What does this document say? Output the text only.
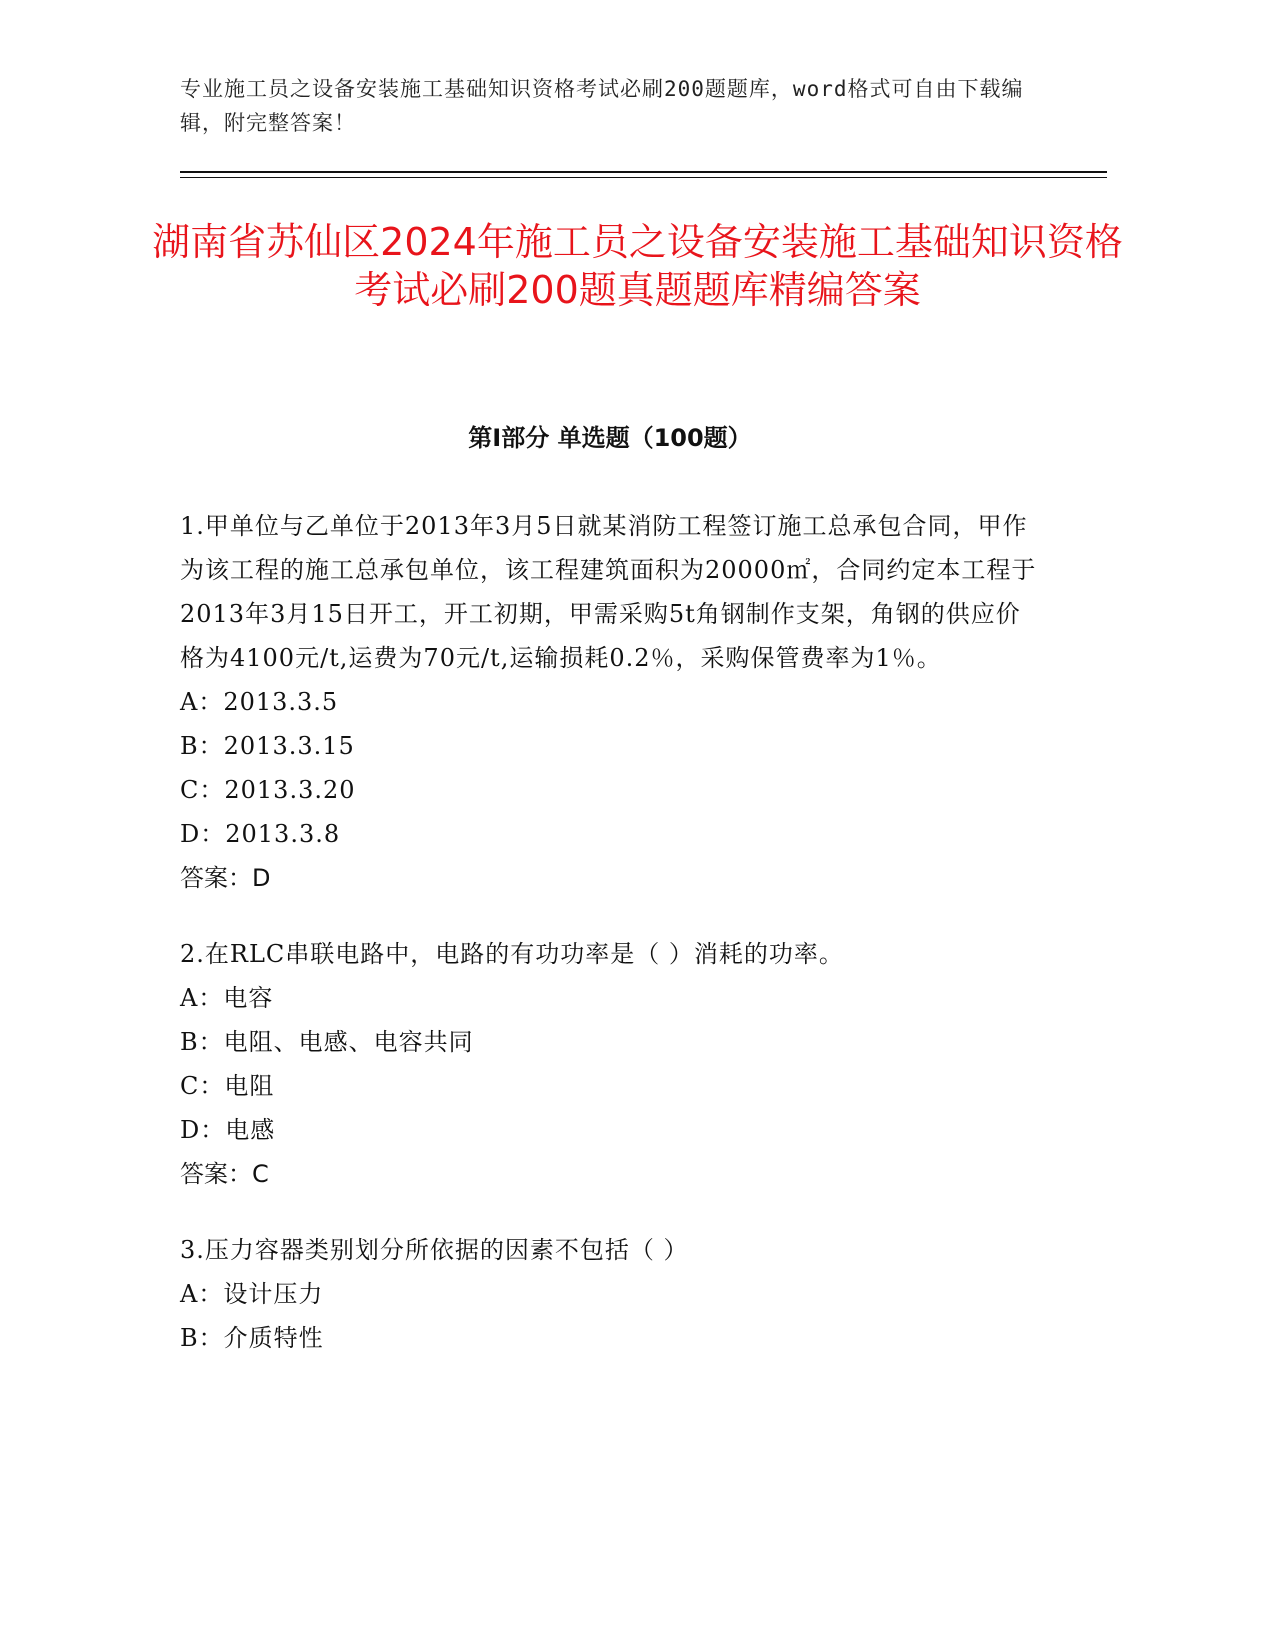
专业施工员之设备安装施工基础知识资格考试必刷200题题库，word格式可自由下载编辑，附完整答案！
湖南省苏仙区2024年施工员之设备安装施工基础知识资格考试必刷200题真题题库精编答案
第Ⅰ部分 单选题（100题）
1.甲单位与乙单位于2013年3月5日就某消防工程签订施工总承包合同，甲作为该工程的施工总承包单位，该工程建筑面积为20000㎡，合同约定本工程于2013年3月15日开工，开工初期，甲需采购5t角钢制作支架，角钢的供应价格为4100元/t,运费为70元/t,运输损耗0.2％，采购保管费率为1％。
A：2013.3.5
B：2013.3.15
C：2013.3.20
D：2013.3.8
答案：D
2.在RLC串联电路中，电路的有功功率是（ ）消耗的功率。
A：电容
B：电阻、电感、电容共同
C：电阻
D：电感
答案：C
3.压力容器类别划分所依据的因素不包括（ ）
A：设计压力
B：介质特性
